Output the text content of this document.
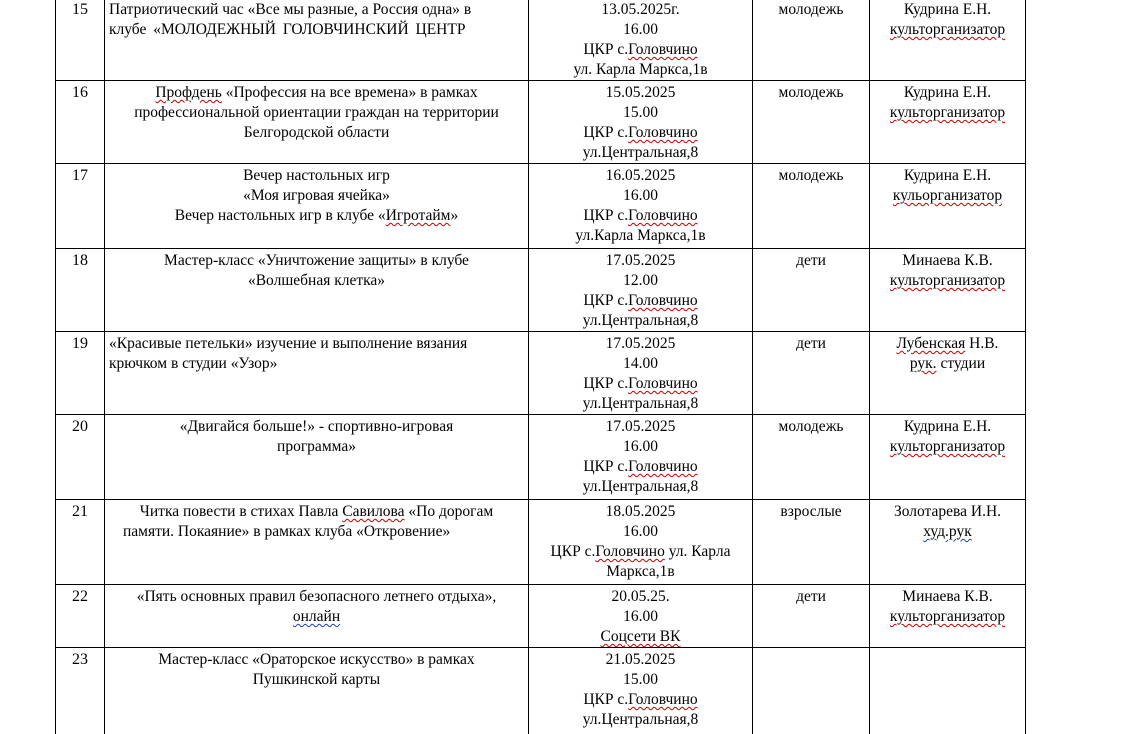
15	Патриотический час «Все мы разные, а Россия одна» в
клубе «МОЛОДЕЖНЫЙ ГОЛОВЧИНСКИЙ ЦЕНТР	13.05.2025г.
16.00
ЦКР с.Головчино
ул. Карла Маркса,1в	молодежь	Кудрина Е.Н.
культорганизатор

16	Профдень «Профессия на все времена» в рамках
профессиональной ориентации граждан на территории
Белгородской области	15.05.2025
15.00
ЦКР с.Головчино
ул.Центральная,8	молодежь	Кудрина Е.Н.
культорганизатор

17	Вечер настольных игр
«Моя игровая ячейка»
Вечер настольных игр в клубе «Игротайм»	16.05.2025
16.00
ЦКР с.Головчино
ул.Карла Маркса,1в	молодежь	Кудрина Е.Н.
кульорганизатор

18	Мастер-класс «Уничтожение защиты» в клубе
«Волшебная клетка»	17.05.2025
12.00
ЦКР с.Головчино
ул.Центральная,8	дети	Минаева К.В.
культорганизатор

19	«Красивые петельки» изучение и выполнение вязания
крючком в студии «Узор»	17.05.2025
14.00
ЦКР с.Головчино
ул.Центральная,8	дети	Лубенская Н.В.
рук. студии

20	«Двигайся больше!» - спортивно-игровая
программа»	17.05.2025
16.00
ЦКР с.Головчино
ул.Центральная,8	молодежь	Кудрина Е.Н.
культорганизатор

21	Читка повести в стихах Павла Савилова «По дорогам
памяти. Покаяние» в рамках клуба «Откровение»	18.05.2025
16.00
ЦКР с.Головчино ул. Карла
Маркса,1в	взрослые	Золотарева И.Н.
худ.рук

22	«Пять основных правил безопасного летнего отдыха»,
онлайн	20.05.25.
16.00
Соцсети ВК	дети	Минаева К.В.
культорганизатор

23	Мастер-класс «Ораторское искусство» в рамках
Пушкинской карты	21.05.2025
15.00
ЦКР с.Головчино
ул.Центральная,8		
